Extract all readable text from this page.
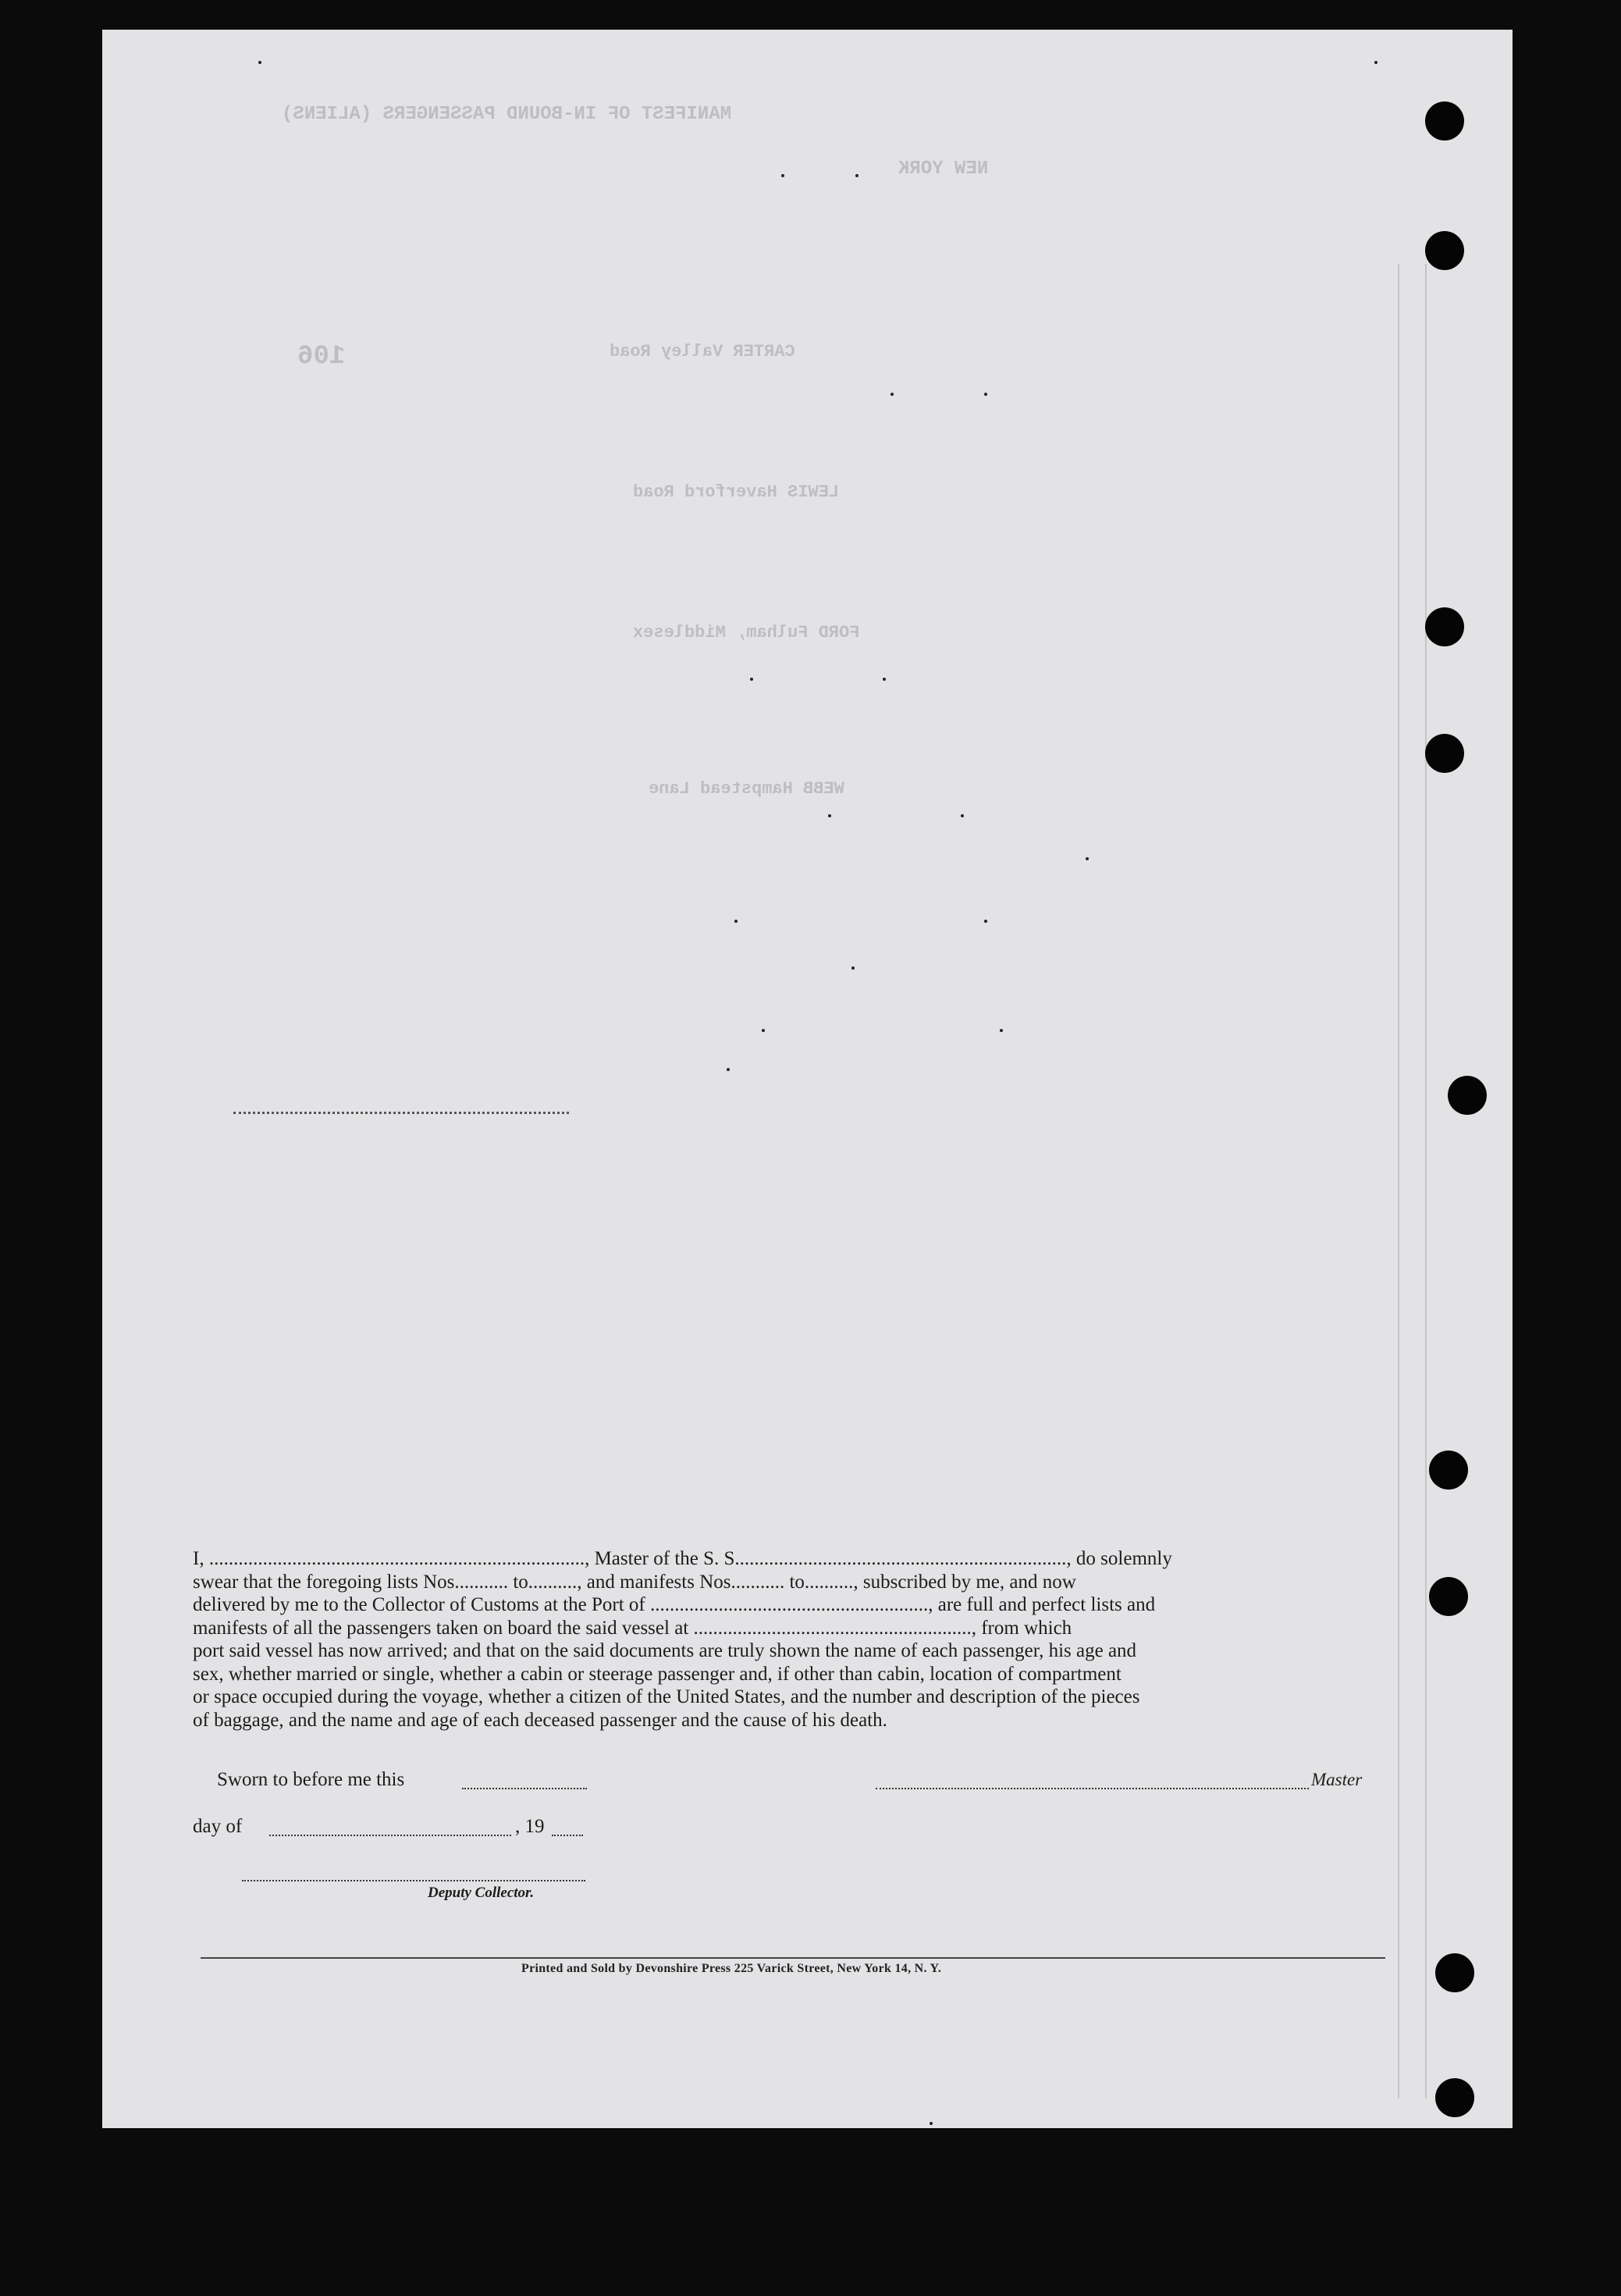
MANIFEST OF IN-BOUND PASSENGERS (ALIENS)
NEW YORK
CARTER Valley Road
LEWIS Haverford Road
FORD Fulham, Middlesex
WEBB Hampstead Lane
106

I, ............................................................................., Master of the S. S...................................................................., do solemnly

swear that the foregoing lists Nos........... to.........., and manifests Nos........... to.........., subscribed by me, and now

delivered by me to the Collector of Customs at the Port of ........................................................., are full and perfect lists and

manifests of all the passengers taken on board the said vessel at ........................................................., from which

port said vessel has now arrived; and that on the said documents are truly shown the name of each passenger, his age and

sex, whether married or single, whether a cabin or steerage passenger and, if other than cabin, location of compartment

or space occupied during the voyage, whether a citizen of the United States, and the number and description of the pieces

of baggage, and the name and age of each deceased passenger and the cause of his death.

Sworn to before me this	Master
day of	, 19
Deputy Collector.
Printed and Sold by Devonshire Press 225 Varick Street, New York 14, N. Y.
